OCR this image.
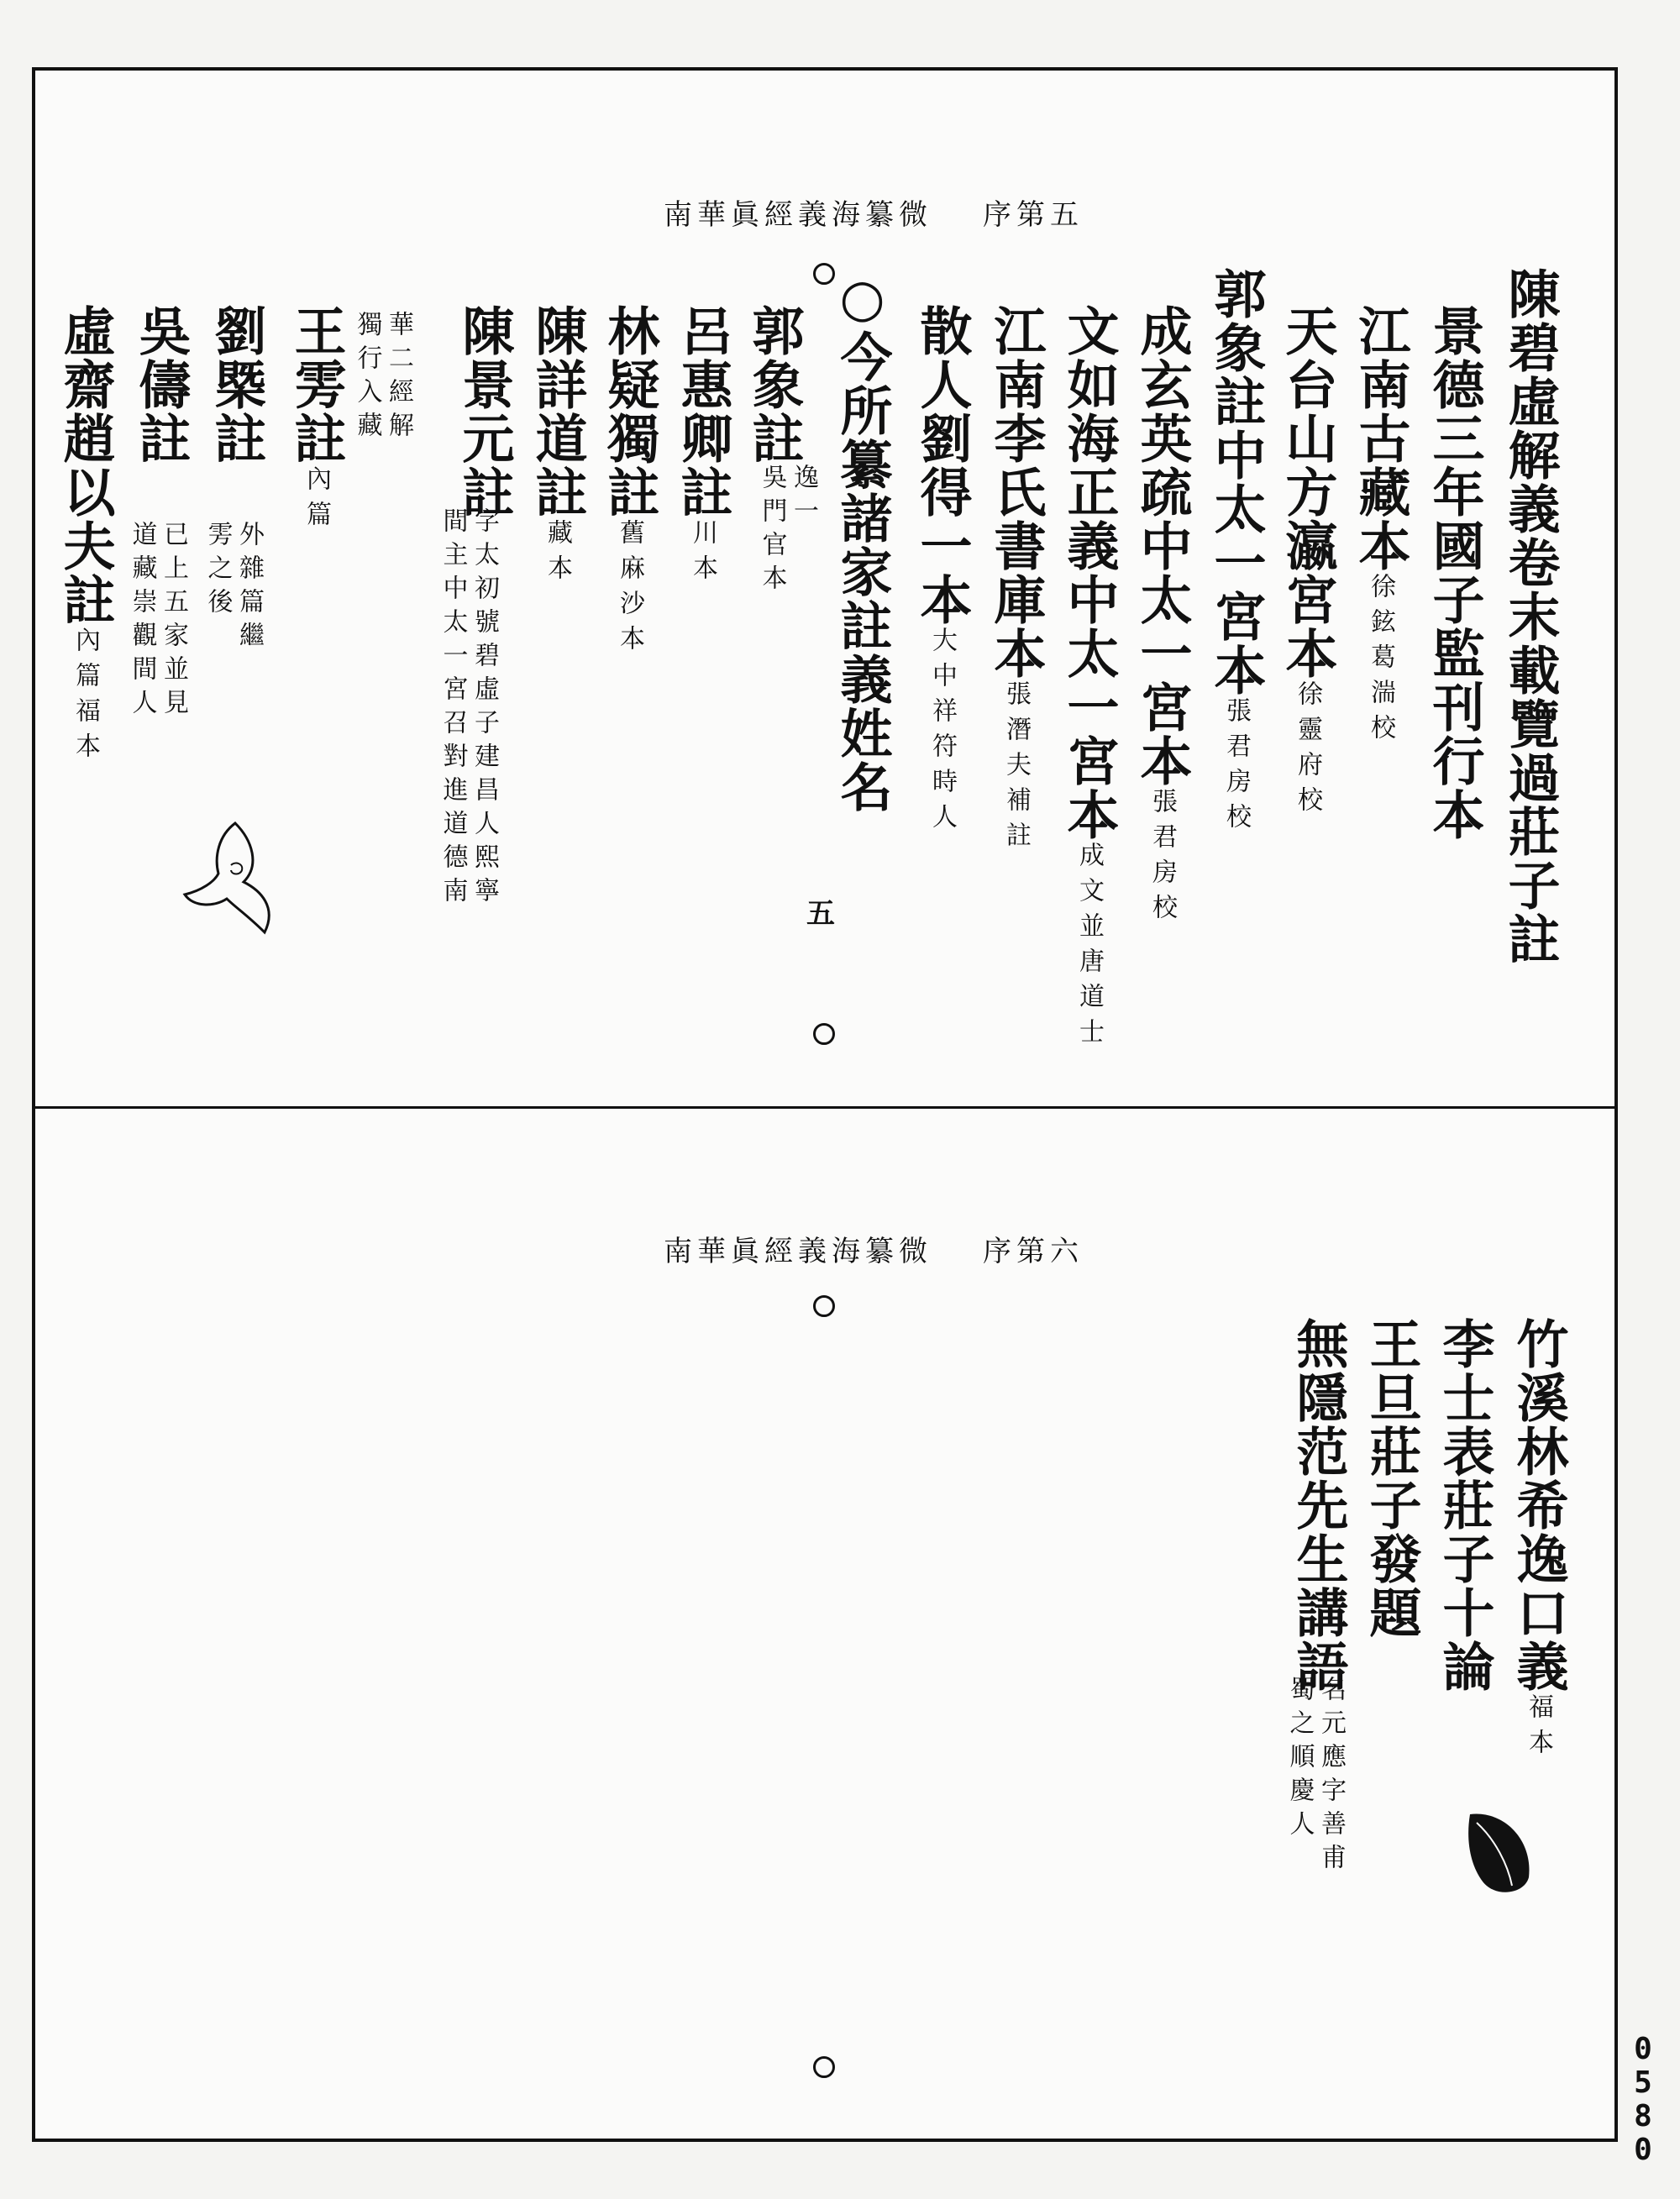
南華眞經義海纂微 序第五
陳碧虛解義卷末載覽過莊子註
景德三年國子監刊行本
江南古藏本徐鉉葛湍校
天台山方瀛宮本徐靈府校
郭象註中太一宮本張君房校
成玄英疏中太一宮本張君房校
文如海正義中太一宮本成文並唐道士
江南李氏書庫本張潛夫補註
散人劉得一本大中祥符時人
○今所纂諸家註義姓名
郭象註
逸一
吳門官本
呂惠卿註川本
林疑獨註舊麻沙本
陳詳道註藏本
陳景元註
字太初號碧虛子建昌人熙寧
間主中太一宮召對進道德南
華二經解
獨行入藏
王雱註內篇
劉槩註
外雜篇繼
雱之後
吳儔註
已上五家並見
道藏崇觀間人
虛齋趙以夫註內篇福本
五
南華眞經義海纂微 序第六
竹溪林希逸口義福本
李士表莊子十論
王旦莊子發題
無隱范先生講語
名元應字善甫
蜀之順慶人
0
5
8
0
